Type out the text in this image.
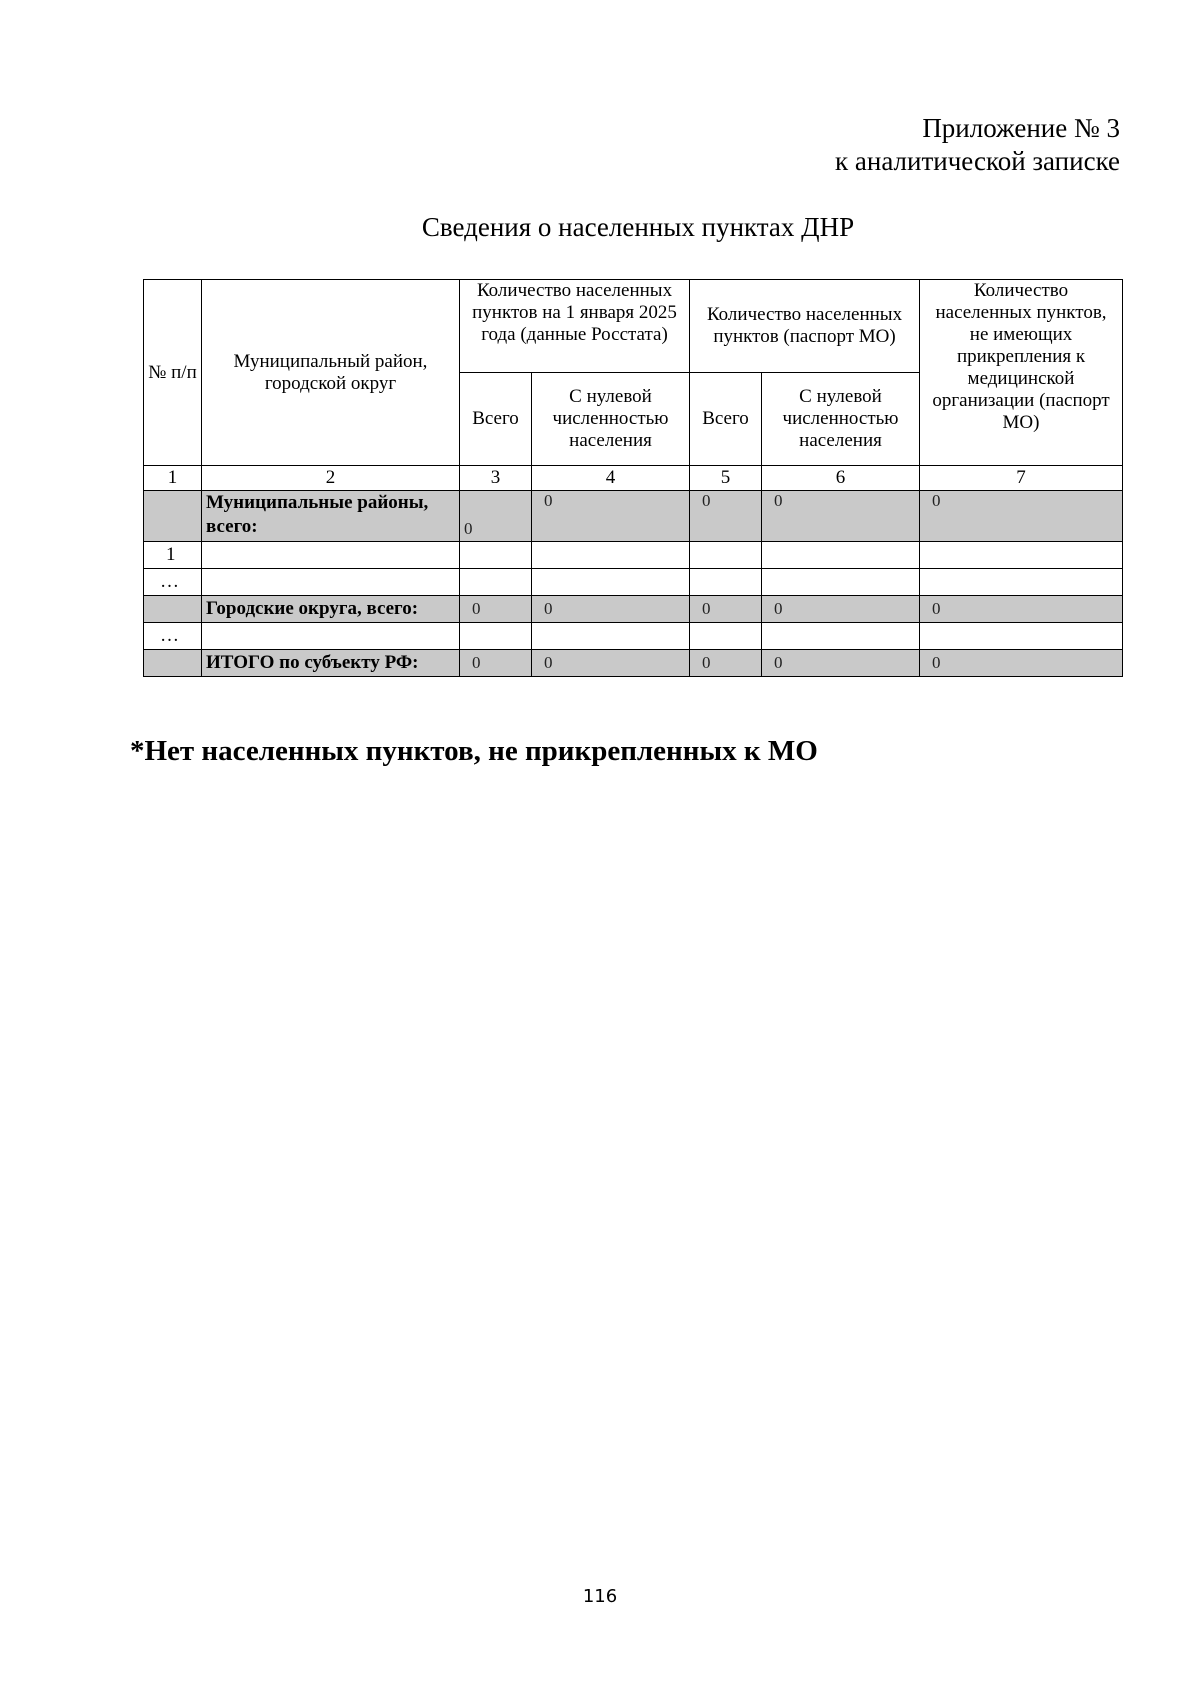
Приложение № 3
к аналитической записке
Сведения о населенных пунктах ДНР
№ п/п	Муниципальный район, городской округ	Количество населенных пунктов на 1 января 2025 года (данные Росстата)		Количество населенных пунктов (паспорт МО)		Количество населенных пунктов, не имеющих прикрепления к медицинской организации (паспорт МО)
		Всего	С нулевой численностью населения	Всего	С нулевой численностью населения	
1	2	3	4	5	6	7
	Муниципальные районы, всего:	0	0	0	0	0
1						
…						
	Городские округа, всего:	0	0	0	0	0
…						
	ИТОГО по субъекту РФ:	0	0	0	0	0
*Нет населенных пунктов, не прикрепленных к МО
116
